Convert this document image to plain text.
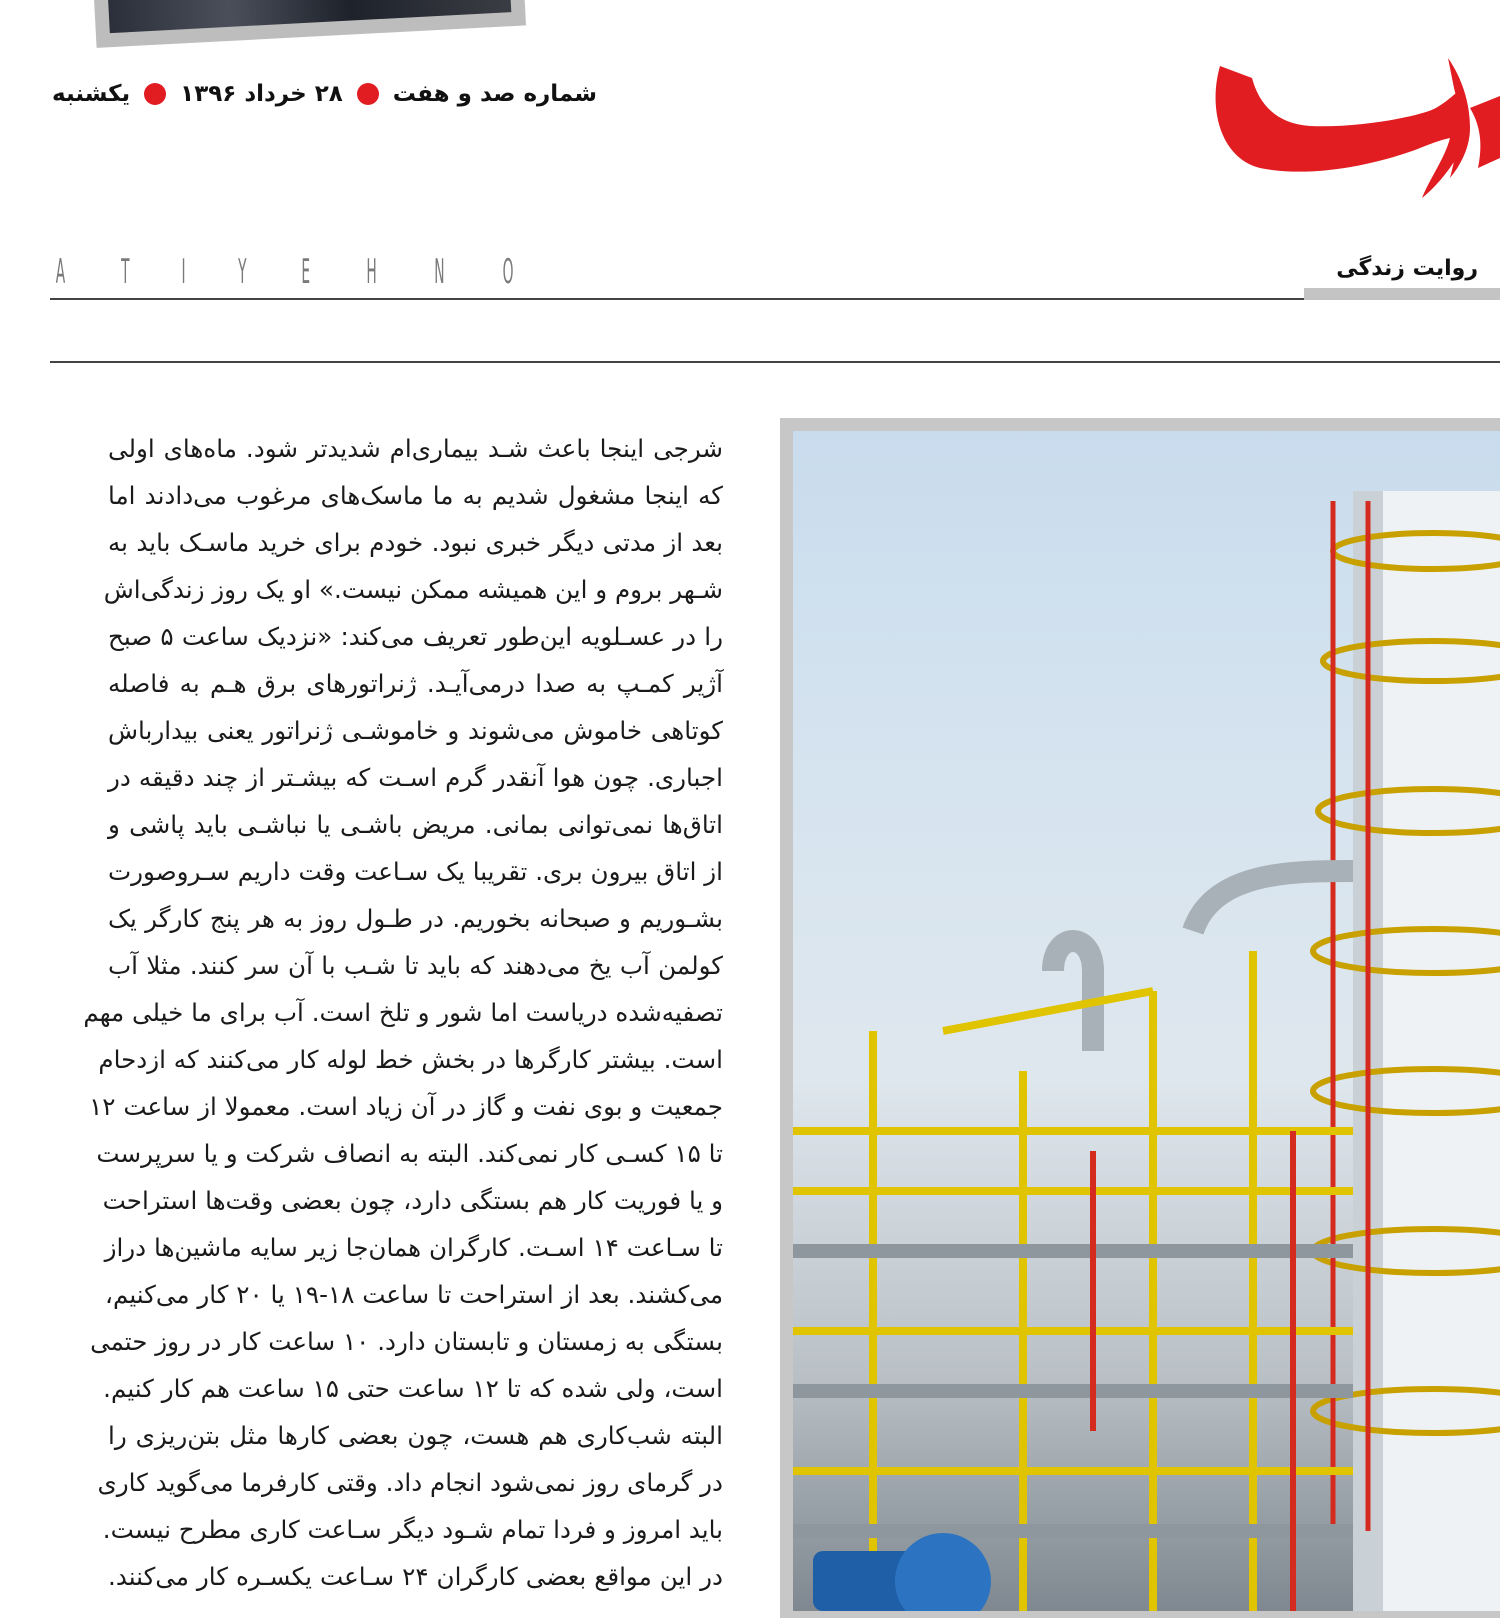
یکشنبه ۲۸ خرداد ۱۳۹۶ شماره صد و هفت
روایت زندگی
A T I Y E H N O
شرجی اینجا باعث شـد بیماری‌ام شدیدتر شود. ماه‌های اولی
که اینجا مشغول شدیم به ما ماسک‌های مرغوب می‌دادند اما
بعد از مدتی دیگر خبری نبود. خودم برای خرید ماسـک باید به
شـهر بروم و این همیشه ممکن نیست.» او یک روز زندگی‌اش
را در عسـلویه این‌طور تعریف می‌کند: «نزدیک ساعت ۵ صبح
آژیر کمـپ به صدا درمی‌آیـد. ژنراتورهای برق هـم به فاصله
کوتاهی خاموش می‌شوند و خاموشـی ژنراتور یعنی بیدارباش
اجباری. چون هوا آنقدر گرم اسـت که بیشـتر از چند دقیقه در
اتاق‌ها نمی‌توانی بمانی. مریض باشـی یا نباشـی باید پاشی و
از اتاق بیرون بری. تقریبا یک سـاعت وقت داریم سـروصورت
بشـوریم و صبحانه بخوریم. در طـول روز به هر پنج کارگر یک
کولمن آب یخ می‌دهند که باید تا شـب با آن سر کنند. مثلا آب
تصفیه‌شده دریاست اما شور و تلخ است. آب برای ما خیلی مهم
است. بیشتر کارگرها در بخش خط لوله کار می‌کنند که ازدحام
جمعیت و بوی نفت و گاز در آن زیاد است. معمولا از ساعت ۱۲
تا ۱۵ کسـی کار نمی‌کند. البته به انصاف شرکت و یا سرپرست
و یا فوریت کار هم بستگی دارد، چون بعضی وقت‌ها استراحت
تا سـاعت ۱۴ اسـت. کارگران همان‌جا زیر سایه ماشین‌ها دراز
می‌کشند. بعد از استراحت تا ساعت ۱۸-۱۹ یا ۲۰ کار می‌کنیم،
بستگی به زمستان و تابستان دارد. ۱۰ ساعت کار در روز حتمی
است، ولی شده که تا ۱۲ ساعت حتی ۱۵ ساعت هم کار کنیم.
البته شب‌کاری هم هست، چون بعضی کارها مثل بتن‌ریزی را
در گرمای روز نمی‌شود انجام داد. وقتی کارفرما می‌گوید کاری
باید امروز و فردا تمام شـود دیگر سـاعت کاری مطرح نیست.
در این مواقع بعضی کارگران ۲۴ سـاعت یکسـره کار می‌کنند.
